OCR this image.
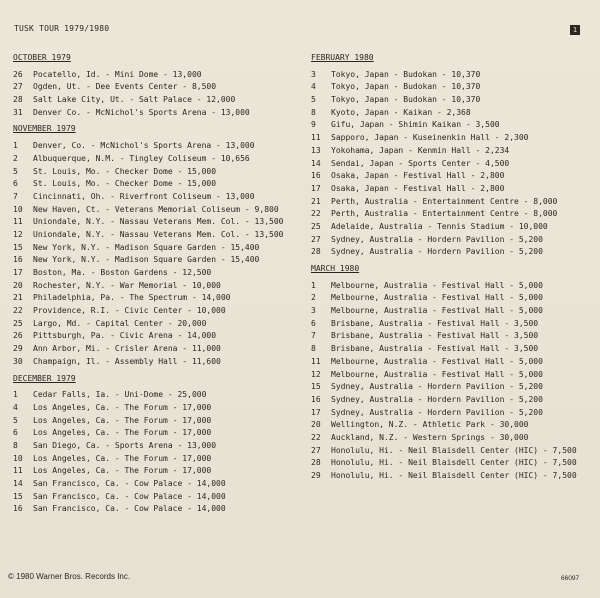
TUSK TOUR 1979/1980	1
OCTOBER 1979
26 Pocatello, Id. - Mini Dome - 13,000
27 Ogden, Ut. - Dee Events Center - 8,500
28 Salt Lake City, Ut. - Salt Palace - 12,000
31 Denver Co. - McNichol's Sports Arena - 13,000
NOVEMBER 1979
1 Denver, Co. - McNichol's Sports Arena - 13,000
2 Albuquerque, N.M. - Tingley Coliseum - 10,656
5 St. Louis, Mo. - Checker Dome - 15,000
6 St. Louis, Mo. - Checker Dome - 15,000
7 Cincinnati, Oh. - Riverfront Coliseum - 13,000
10 New Haven, Ct. - Veterans Memorial Coliseum - 9,800
11 Uniondale, N.Y. - Nassau Veterans Mem. Col. - 13,500
12 Uniondale, N.Y. - Nassau Veterans Mem. Col. - 13,500
15 New York, N.Y. - Madison Square Garden - 15,400
16 New York, N.Y. - Madison Square Garden - 15,400
17 Boston, Ma. - Boston Gardens - 12,500
20 Rochester, N.Y. - War Memorial - 10,000
21 Philadelphia, Pa. - The Spectrum - 14,000
22 Providence, R.I. - Civic Center - 10,000
25 Largo, Md. - Capital Center - 20,000
26 Pittsburgh, Pa. - Civic Arena - 14,000
29 Ann Arbor, Mi. - Crisler Arena - 11,000
30 Champaign, Il. - Assembly Hall - 11,600
DECEMBER 1979
1 Cedar Falls, Ia. - Uni-Dome - 25,000
4 Los Angeles, Ca. - The Forum - 17,000
5 Los Angeles, Ca. - The Forum - 17,000
6 Los Angeles, Ca. - The Forum - 17,000
8 San Diego, Ca. - Sports Arena - 13,000
10 Los Angeles, Ca. - The Forum - 17,000
11 Los Angeles, Ca. - The Forum - 17,000
14 San Francisco, Ca. - Cow Palace - 14,000
15 San Francisco, Ca. - Cow Palace - 14,000
16 San Francisco, Ca. - Cow Palace - 14,000
FEBRUARY 1980
3 Tokyo, Japan - Budokan - 10,370
4 Tokyo, Japan - Budokan - 10,370
5 Tokyo, Japan - Budokan - 10,370
8 Kyoto, Japan - Kaikan - 2,368
9 Gifu, Japan - Shimin Kaikan - 3,500
11 Sapporo, Japan - Kuseinenkin Hall - 2,300
13 Yokohama, Japan - Kenmin Hall - 2,234
14 Sendai, Japan - Sports Center - 4,500
16 Osaka, Japan - Festival Hall - 2,800
17 Osaka, Japan - Festival Hall - 2,800
21 Perth, Australia - Entertainment Centre - 8,000
22 Perth, Australia - Entertainment Centre - 8,000
25 Adelaide, Australia - Tennis Stadium - 10,000
27 Sydney, Australia - Hordern Pavilion - 5,200
28 Sydney, Australia - Hordern Pavilion - 5,200
MARCH 1980
1 Melbourne, Australia - Festival Hall - 5,000
2 Melbourne, Australia - Festival Hall - 5,000
3 Melbourne, Australia - Festival Hall - 5,000
6 Brisbane, Australia - Festival Hall - 3,500
7 Brisbane, Australia - Festival Hall - 3,500
8 Brisbane, Australia - Festival Hall - 3,500
11 Melbourne, Australia - Festival Hall - 5,000
12 Melbourne, Australia - Festival Hall - 5,000
15 Sydney, Australia - Hordern Pavilion - 5,200
16 Sydney, Australia - Hordern Pavilion - 5,200
17 Sydney, Australia - Hordern Pavilion - 5,200
20 Wellington, N.Z. - Athletic Park - 30,000
22 Auckland, N.Z. - Western Springs - 30,000
27 Honolulu, Hi. - Neil Blaisdell Center (HIC) - 7,500
28 Honolulu, Hi. - Neil Blaisdell Center (HIC) - 7,500
29 Honolulu, Hi. - Neil Blaisdell Center (HIC) - 7,500
© 1980 Warner Bros. Records Inc.	66097
